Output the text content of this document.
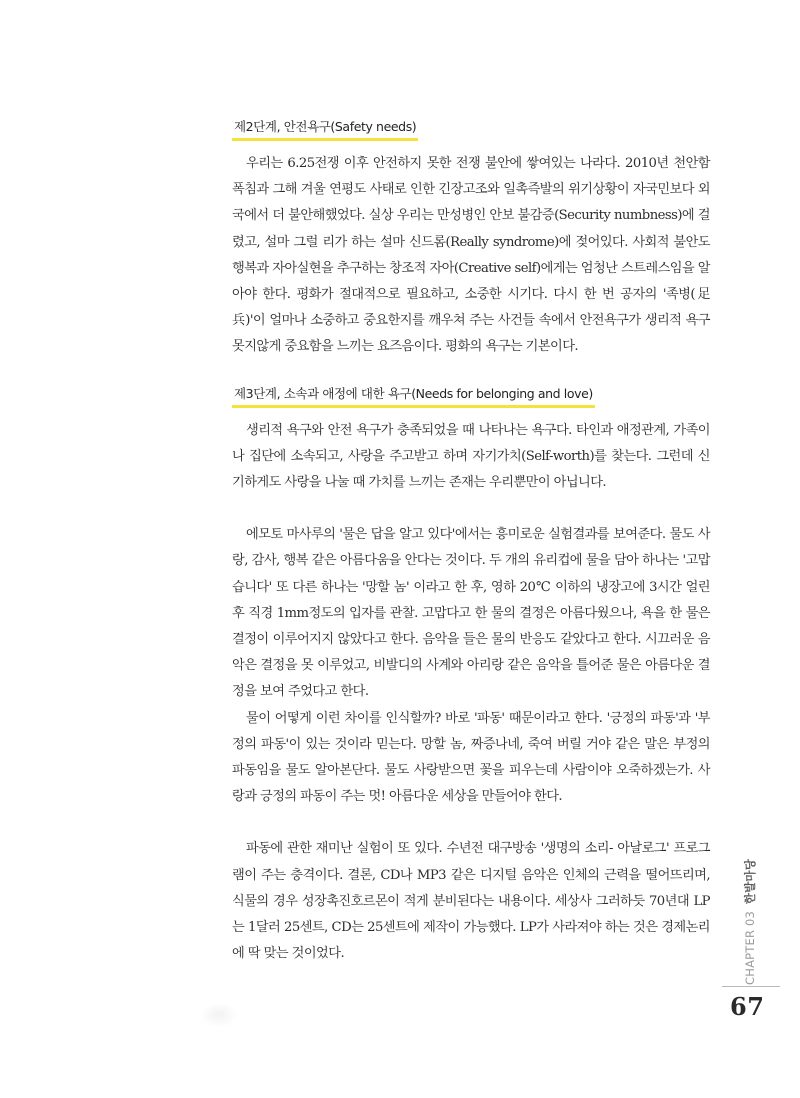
제2단계, 안전욕구(Safety needs)

우리는 6.25전쟁 이후 안전하지 못한 전쟁 불안에 쌓여있는 나라다. 2010년 천안함 폭침과 그해 겨울 연평도 사태로 인한 긴장고조와 일촉즉발의 위기상황이 자국민보다 외국에서 더 불안해했었다. 실상 우리는 만성병인 안보 불감증(Security numbness)에 걸렸고, 설마 그럴 리가 하는 설마 신드롬(Really syndrome)에 젖어있다. 사회적 불안도 행복과 자아실현을 추구하는 창조적 자아(Creative self)에게는 엄청난 스트레스임을 알아야 한다. 평화가 절대적으로 필요하고, 소중한 시기다. 다시 한 번 공자의 '족병(足兵)'이 얼마나 소중하고 중요한지를 깨우쳐 주는 사건들 속에서 안전욕구가 생리적 욕구 못지않게 중요함을 느끼는 요즈음이다. 평화의 욕구는 기본이다.

제3단계, 소속과 애정에 대한 욕구(Needs for belonging and love)

생리적 욕구와 안전 욕구가 충족되었을 때 나타나는 욕구다. 타인과 애정관계, 가족이나 집단에 소속되고, 사랑을 주고받고 하며 자기가치(Self-worth)를 찾는다. 그런데 신기하게도 사랑을 나눌 때 가치를 느끼는 존재는 우리뿐만이 아닙니다.

에모토 마사루의 '물은 답을 알고 있다'에서는 흥미로운 실험결과를 보여준다. 물도 사랑, 감사, 행복 같은 아름다움을 안다는 것이다. 두 개의 유리컵에 물을 담아 하나는 '고맙습니다' 또 다른 하나는 '망할 놈' 이라고 한 후, 영하 20℃ 이하의 냉장고에 3시간 얼린 후 직경 1mm정도의 입자를 관찰. 고맙다고 한 물의 결정은 아름다웠으나, 욕을 한 물은 결정이 이루어지지 않았다고 한다. 음악을 들은 물의 반응도 같았다고 한다. 시끄러운 음악은 결정을 못 이루었고, 비발디의 사계와 아리랑 같은 음악을 틀어준 물은 아름다운 결정을 보여 주었다고 한다.

물이 어떻게 이런 차이를 인식할까? 바로 '파동' 때문이라고 한다. '긍정의 파동'과 '부정의 파동'이 있는 것이라 믿는다. 망할 놈, 짜증나네, 죽여 버릴 거야 같은 말은 부정의 파동임을 물도 알아본단다. 물도 사랑받으면 꽃을 피우는데 사람이야 오죽하겠는가. 사랑과 긍정의 파동이 주는 멋! 아름다운 세상을 만들어야 한다.

파동에 관한 재미난 실험이 또 있다. 수년전 대구방송 '생명의 소리- 아날로그' 프로그램이 주는 충격이다. 결론, CD나 MP3 같은 디지털 음악은 인체의 근력을 떨어뜨리며, 식물의 경우 성장촉진호르몬이 적게 분비된다는 내용이다. 세상사 그러하듯 70년대 LP는 1달러 25센트, CD는 25센트에 제작이 가능했다. LP가 사라져야 하는 것은 경제논리에 딱 맞는 것이었다.	CHAPTER 03 한발마당
67
